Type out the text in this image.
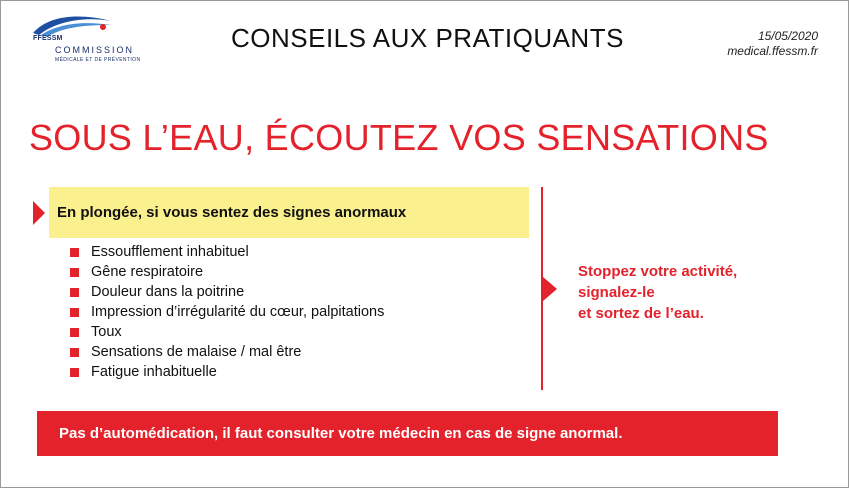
FFESSM
COMMISSION
MÉDICALE ET DE PRÉVENTION
CONSEILS AUX PRATIQUANTS	15/05/2020
medical.ffessm.fr
SOUS L’EAU, ÉCOUTEZ VOS SENSATIONS
En plongée, si vous sentez des signes anormaux
Essoufflement inhabituel
Gêne respiratoire
Douleur dans la poitrine
Impression d’irrégularité du cœur, palpitations
Toux
Sensations de malaise / mal être
Fatigue inhabituelle
Stoppez votre activité,
signalez-le
et sortez de l’eau.
Pas d’automédication, il faut consulter votre médecin en cas de signe anormal.
